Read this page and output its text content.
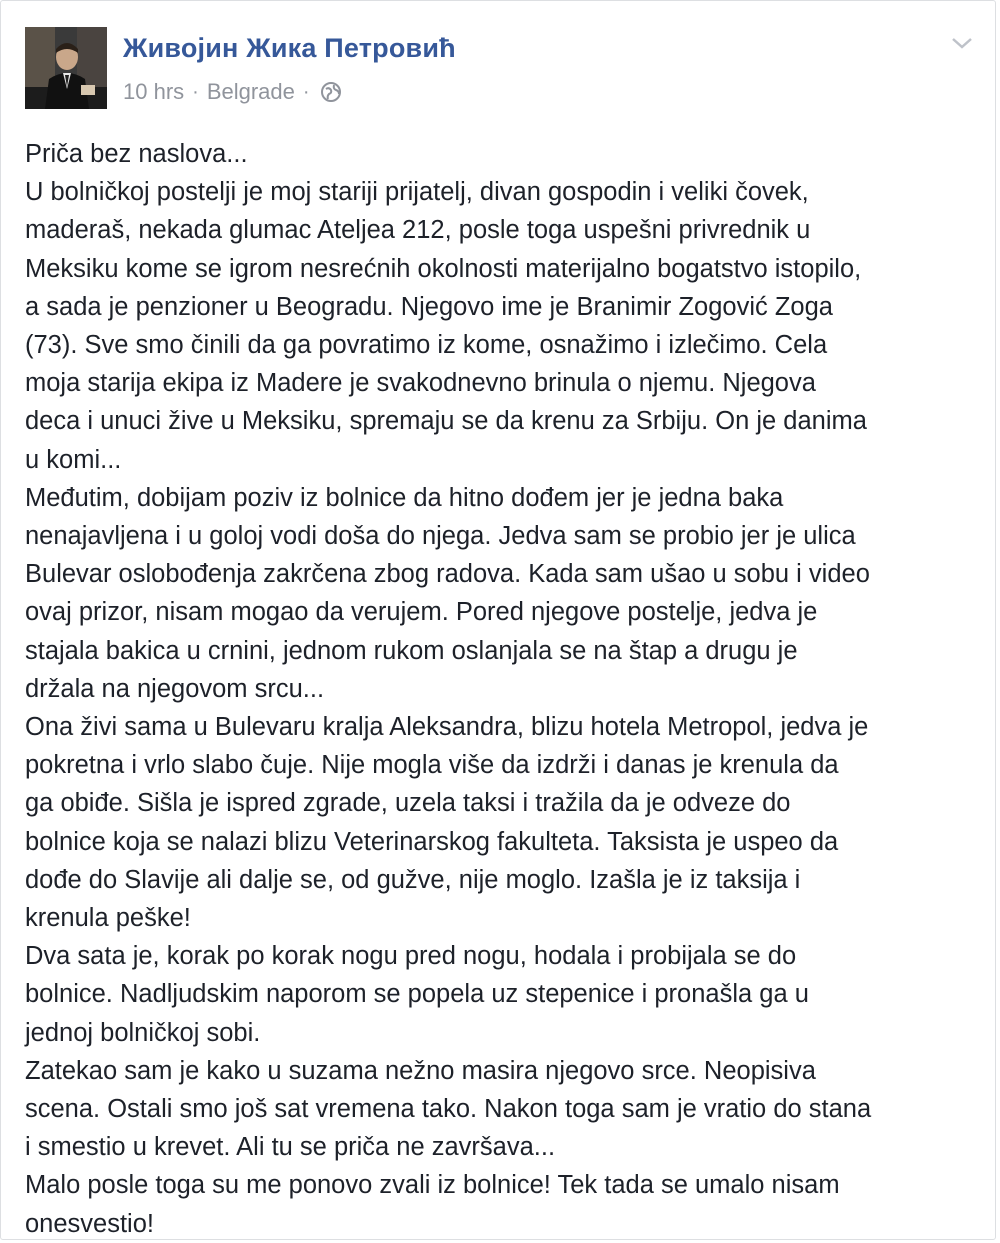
Живојин Жика Петровић
10 hrs · Belgrade ·

Priča bez naslova...

U bolničkoj postelji je moj stariji prijatelj, divan gospodin i veliki čovek,

maderaš, nekada glumac Ateljea 212, posle toga uspešni privrednik u

Meksiku kome se igrom nesrećnih okolnosti materijalno bogatstvo istopilo,

a sada je penzioner u Beogradu. Njegovo ime je Branimir Zogović Zoga

(73). Sve smo činili da ga povratimo iz kome, osnažimo i izlečimo. Cela

moja starija ekipa iz Madere je svakodnevno brinula o njemu. Njegova

deca i unuci žive u Meksiku, spremaju se da krenu za Srbiju. On je danima

u komi...

Međutim, dobijam poziv iz bolnice da hitno dođem jer je jedna baka

nenajavljena i u goloj vodi doša do njega. Jedva sam se probio jer je ulica

Bulevar oslobođenja zakrčena zbog radova. Kada sam ušao u sobu i video

ovaj prizor, nisam mogao da verujem. Pored njegove postelje, jedva je

stajala bakica u crnini, jednom rukom oslanjala se na štap a drugu je

držala na njegovom srcu...

Ona živi sama u Bulevaru kralja Aleksandra, blizu hotela Metropol, jedva je

pokretna i vrlo slabo čuje. Nije mogla više da izdrži i danas je krenula da

ga obiđe. Sišla je ispred zgrade, uzela taksi i tražila da je odveze do

bolnice koja se nalazi blizu Veterinarskog fakulteta. Taksista je uspeo da

dođe do Slavije ali dalje se, od gužve, nije moglo. Izašla je iz taksija i

krenula peške!

Dva sata je, korak po korak nogu pred nogu, hodala i probijala se do

bolnice. Nadljudskim naporom se popela uz stepenice i pronašla ga u

jednoj bolničkoj sobi.

Zatekao sam je kako u suzama nežno masira njegovo srce. Neopisiva

scena. Ostali smo još sat vremena tako. Nakon toga sam je vratio do stana

i smestio u krevet. Ali tu se priča ne završava...

Malo posle toga su me ponovo zvali iz bolnice! Tek tada se umalo nisam

onesvestio!
